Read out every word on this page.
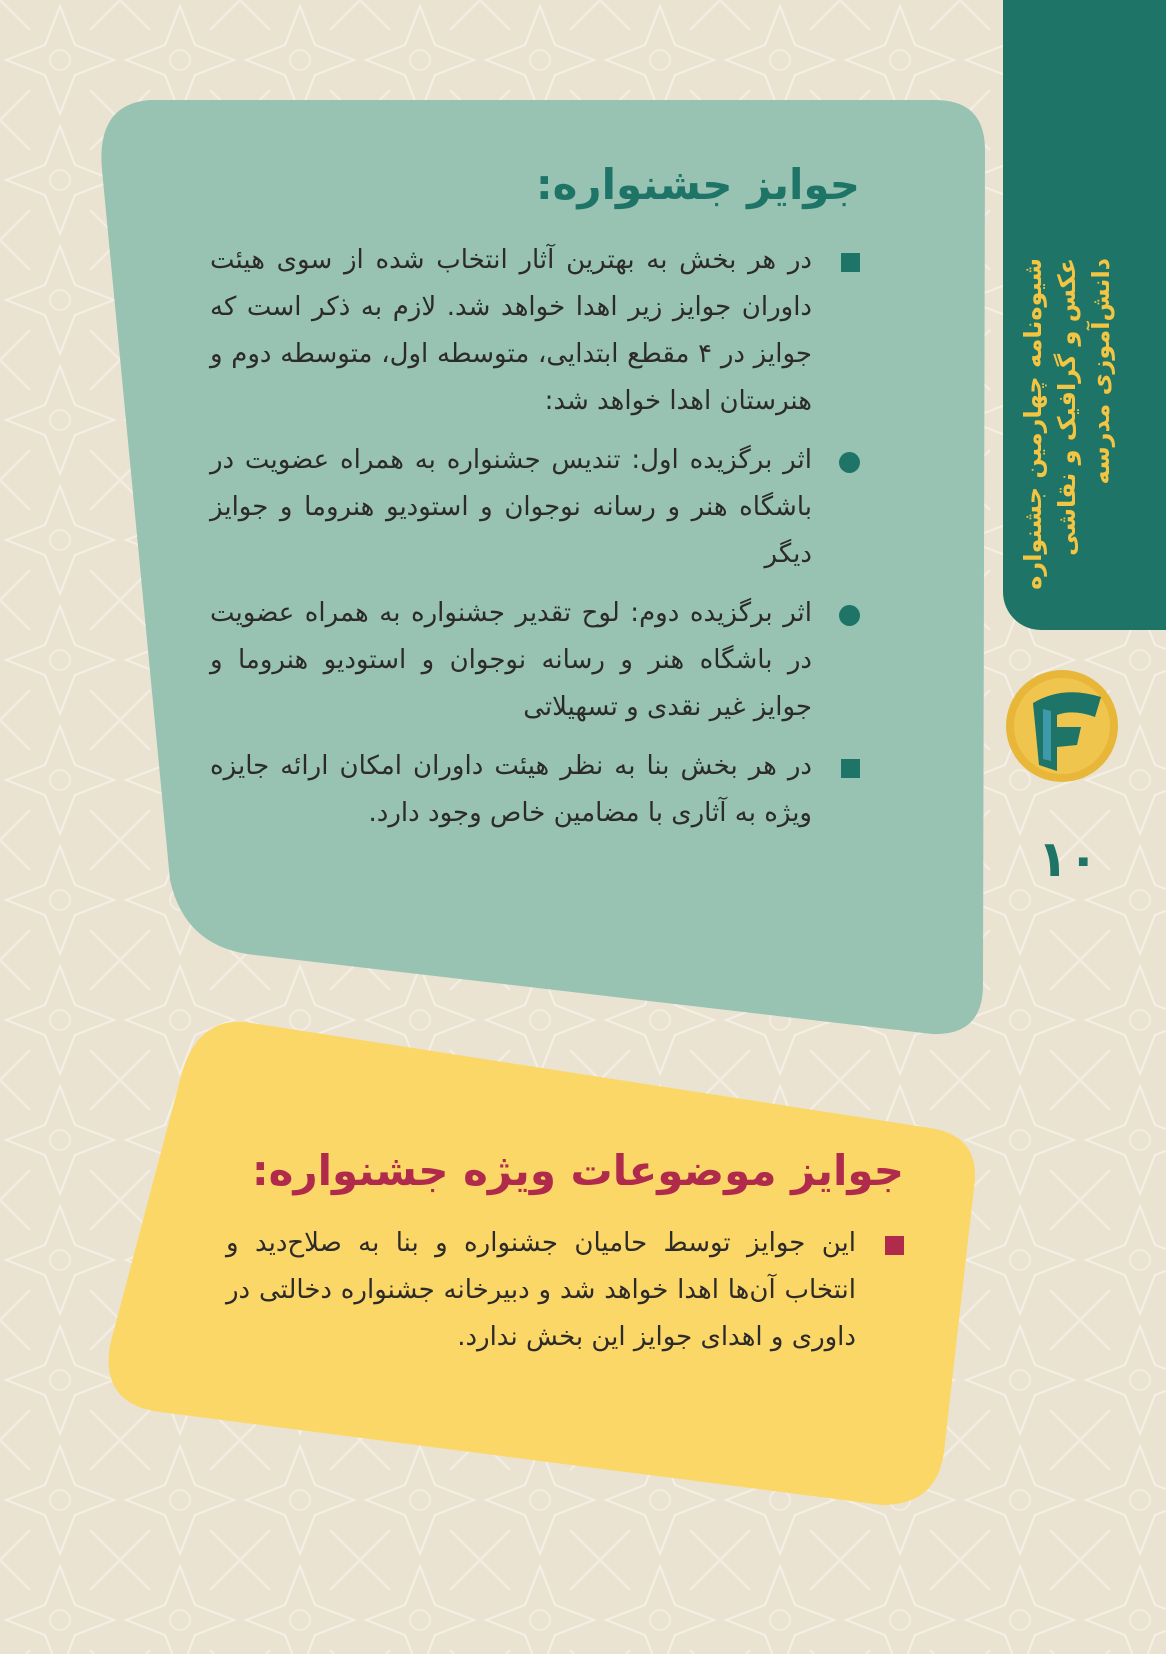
شیوه‌نامه چهارمین جشنواره عکس و گرافیک و نقاشی دانش‌آموزی مدرسه
۱۰
جوایز جشنواره:
در هر بخش به بهترین آثار انتخاب شده از سوی هیئت داوران جوایز زیر اهدا خواهد شد. لازم به ذکر است که جوایز در ۴ مقطع ابتدایی، متوسطه اول، متوسطه دوم و هنرستان اهدا خواهد شد:
اثر برگزیده اول: تندیس جشنواره به همراه عضویت در باشگاه هنر و رسانه نوجوان و استودیو هنروما و جوایز دیگر
اثر برگزیده دوم: لوح تقدیر جشنواره به همراه عضویت در باشگاه هنر و رسانه نوجوان و استودیو هنروما و جوایز غیر نقدی و تسهیلاتی
در هر بخش بنا به نظر هیئت داوران امکان ارائه جایزه ویژه به آثاری با مضامین خاص وجود دارد.
جوایز موضوعات ویژه جشنواره:
این جوایز توسط حامیان جشنواره و بنا به صلاح‌دید و انتخاب آن‌ها اهدا خواهد شد و دبیرخانه جشنواره دخالتی در داوری و اهدای جوایز این بخش ندارد.
